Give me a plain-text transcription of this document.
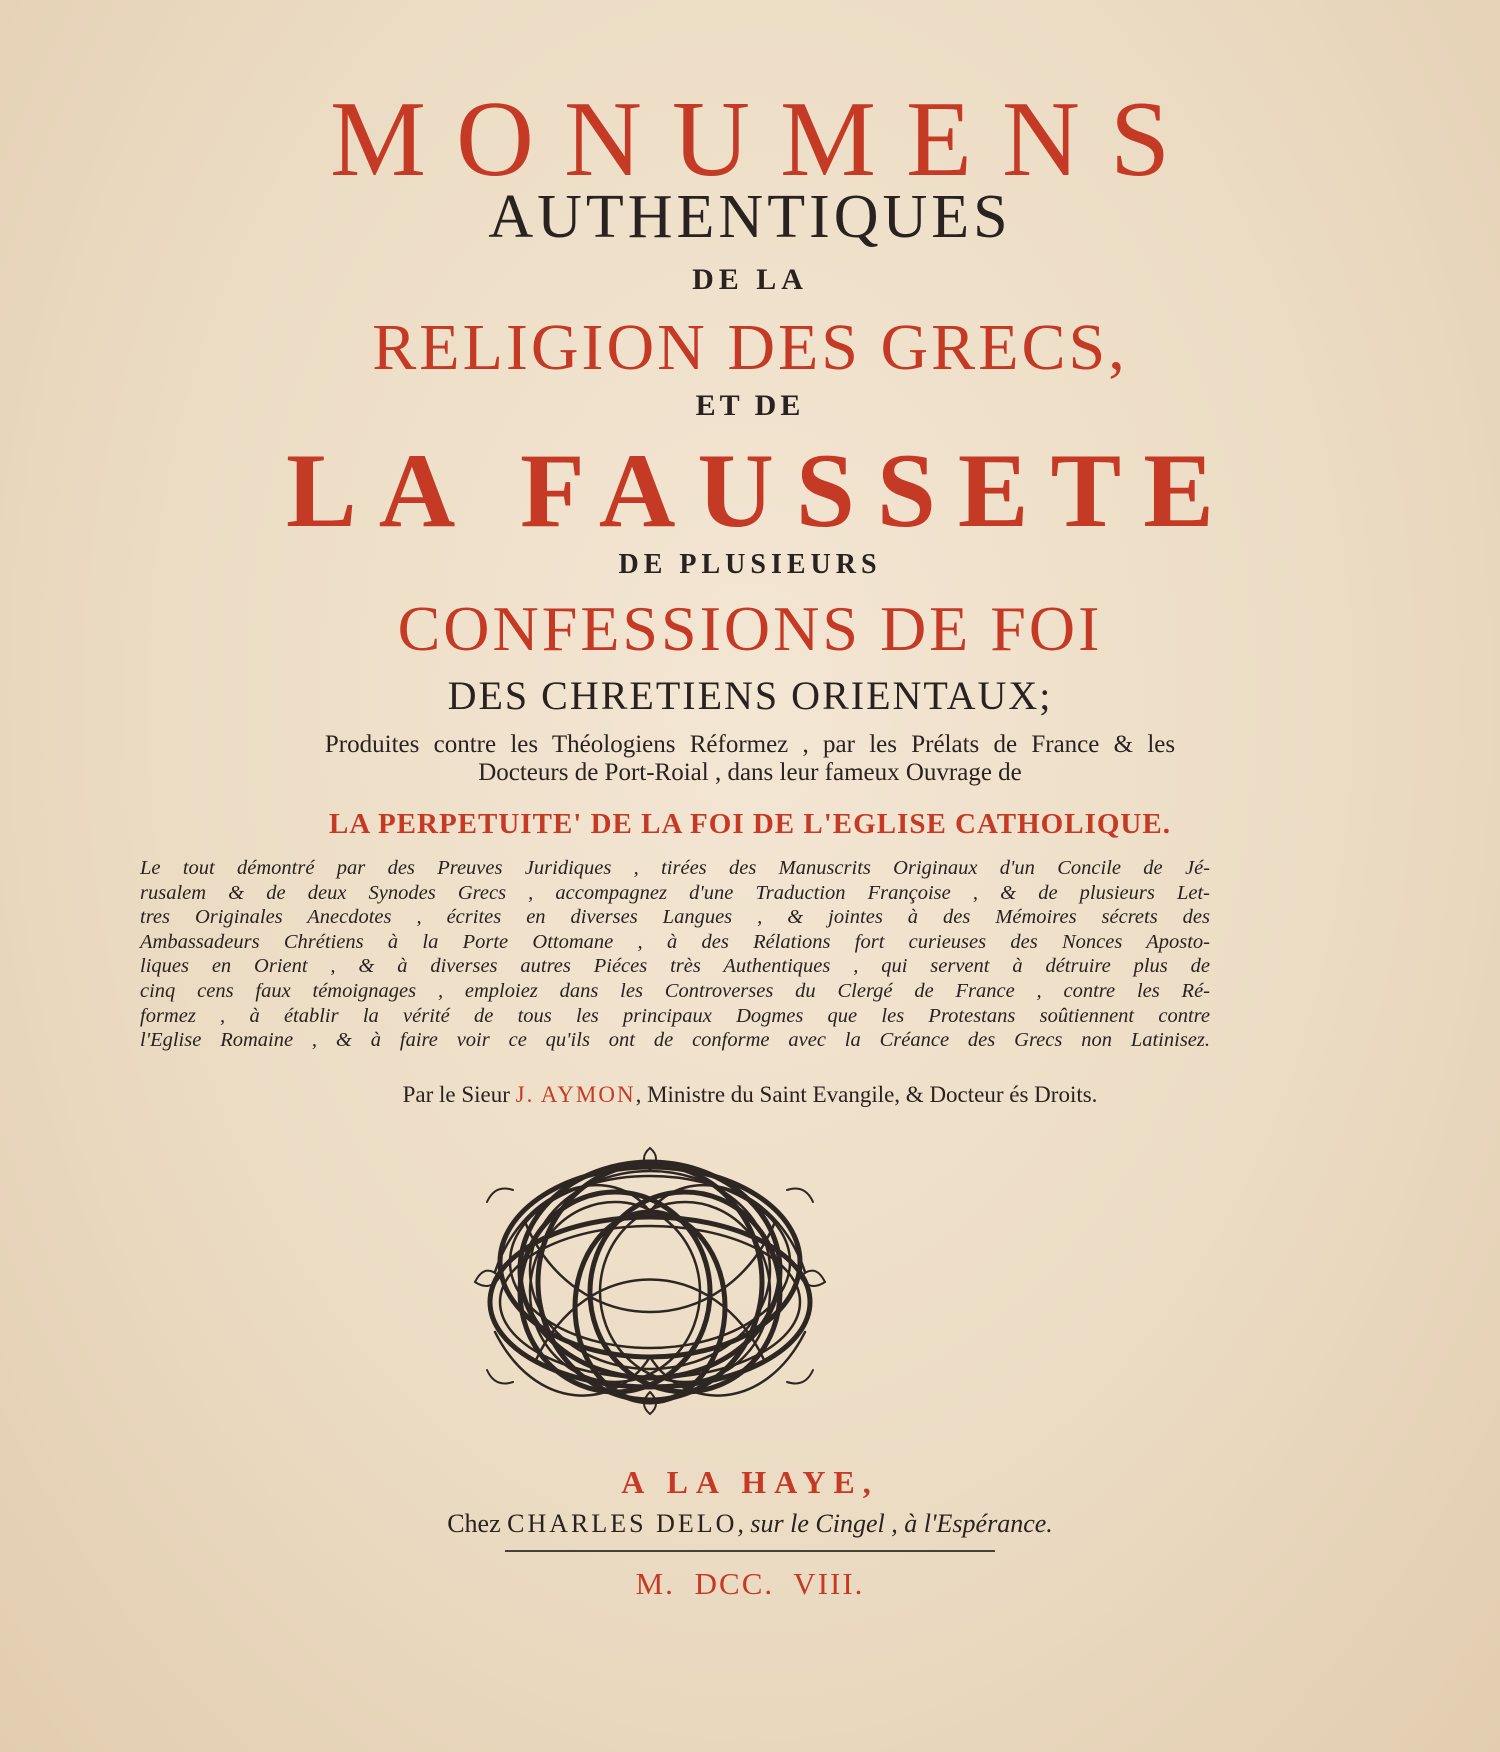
MONUMENS

AUTHENTIQUES

DE LA

RELIGION DES GRECS,

ET DE

LA FAUSSETE

DE PLUSIEURS

CONFESSIONS DE FOI

DES CHRETIENS ORIENTAUX;

Produites contre les Théologiens Réformez , par les Prélats de France & les

Docteurs de Port-Roial , dans leur fameux Ouvrage de

LA PERPETUITE' DE LA FOI DE L'EGLISE CATHOLIQUE.

Le tout démontré par des Preuves Juridiques , tirées des Manuscrits Originaux d'un Concile de Jé-
rusalem & de deux Synodes Grecs , accompagnez d'une Traduction Françoise , & de plusieurs Let-
tres Originales Anecdotes , écrites en diverses Langues , & jointes à des Mémoires sécrets des
Ambassadeurs Chrétiens à la Porte Ottomane , à des Rélations fort curieuses des Nonces Aposto-
liques en Orient , & à diverses autres Piéces très Authentiques , qui servent à détruire plus de
cinq cens faux témoignages , emploiez dans les Controverses du Clergé de France , contre les Ré-
formez , à établir la vérité de tous les principaux Dogmes que les Protestans soûtiennent contre
l'Eglise Romaine , & à faire voir ce qu'ils ont de conforme avec la Créance des Grecs non Latinisez.

Par le Sieur J. AYMON, Ministre du Saint Evangile, & Docteur és Droits.

A LA HAYE,

Chez CHARLES DELO, sur le Cingel , à l'Espérance.

M. DCC. VIII.
